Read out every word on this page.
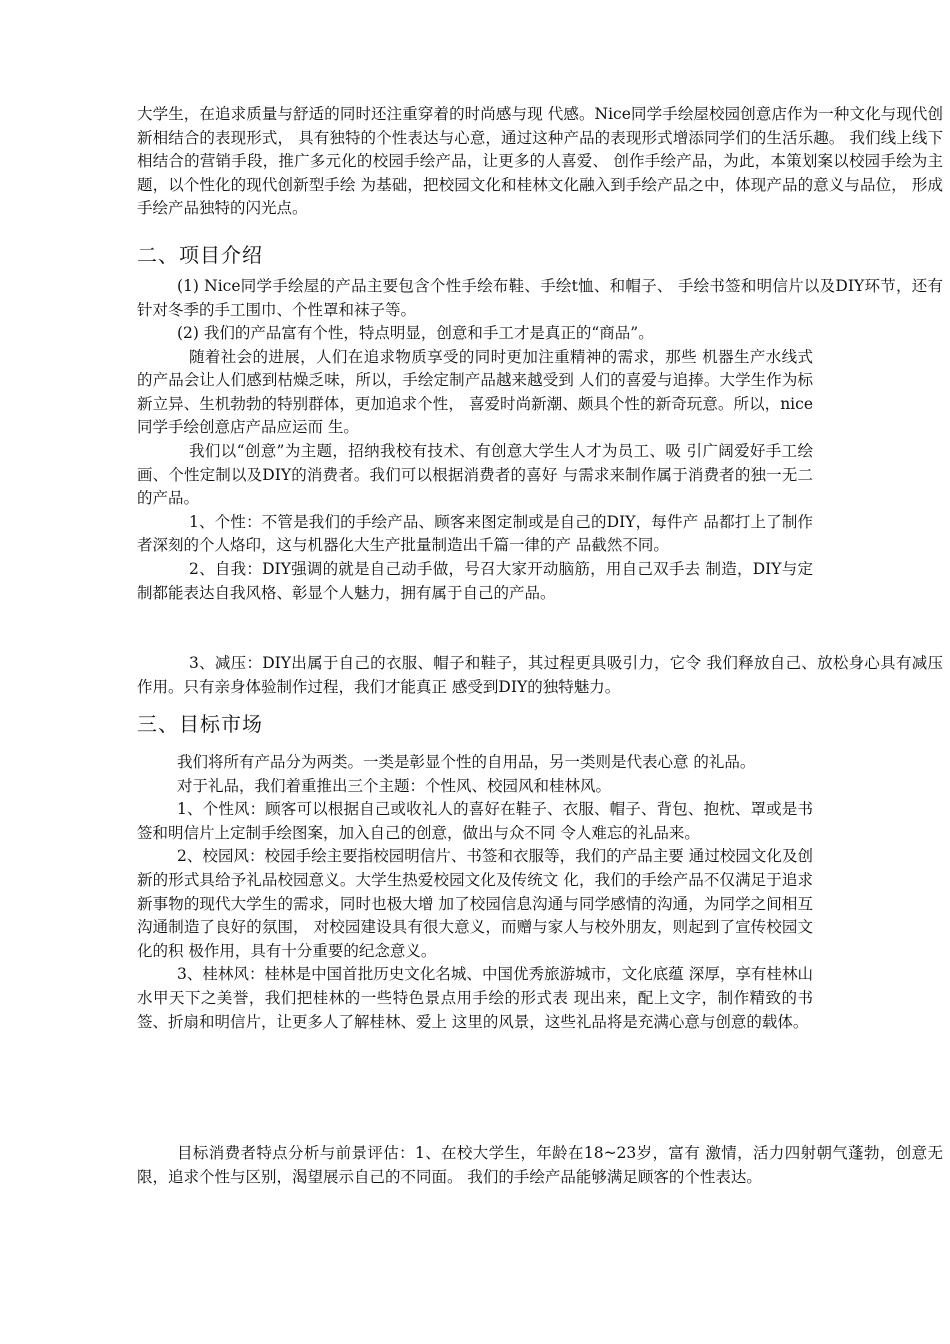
大学生，在追求质量与舒适的同时还注重穿着的时尚感与现 代感。Nice同学手绘屋校园创意店作为一种文化与现代创新相结合的表现形式， 具有独特的个性表达与心意，通过这种产品的表现形式增添同学们的生活乐趣。 我们线上线下相结合的营销手段，推广多元化的校园手绘产品，让更多的人喜爱、 创作手绘产品，为此，本策划案以校园手绘为主题，以个性化的现代创新型手绘 为基础，把校园文化和桂林文化融入到手绘产品之中，体现产品的意义与品位， 形成手绘产品独特的闪光点。

二、项目介绍

(1) Nice同学手绘屋的产品主要包含个性手绘布鞋、手绘t恤、和帽子、 手绘书签和明信片以及DIY环节，还有针对冬季的手工围巾、个性罩和袜子等。

(2) 我们的产品富有个性，特点明显，创意和手工才是真正的“商品”。

随着社会的进展，人们在追求物质享受的同时更加注重精神的需求，那些 机器生产水线式的产品会让人们感到枯燥乏味，所以，手绘定制产品越来越受到 人们的喜爱与追捧。大学生作为标新立异、生机勃勃的特别群体，更加追求个性， 喜爱时尚新潮、颇具个性的新奇玩意。所以，nice同学手绘创意店产品应运而 生。

我们以“创意”为主题，招纳我校有技术、有创意大学生人才为员工、吸 引广阔爱好手工绘画、个性定制以及DIY的消费者。我们可以根据消费者的喜好 与需求来制作属于消费者的独一无二的产品。

1、个性：不管是我们的手绘产品、顾客来图定制或是自己的DIY，每件产 品都打上了制作者深刻的个人烙印，这与机器化大生产批量制造出千篇一律的产 品截然不同。

2、自我：DIY强调的就是自己动手做，号召大家开动脑筋，用自己双手去 制造，DIY与定制都能表达自我风格、彰显个人魅力，拥有属于自己的产品。

3、减压：DIY出属于自己的衣服、帽子和鞋子，其过程更具吸引力，它令 我们释放自己、放松身心具有减压作用。只有亲身体验制作过程，我们才能真正 感受到DIY的独特魅力。

三、目标市场

我们将所有产品分为两类。一类是彰显个性的自用品，另一类则是代表心意 的礼品。

对于礼品，我们着重推出三个主题：个性风、校园风和桂林风。

1、个性风：顾客可以根据自己或收礼人的喜好在鞋子、衣服、帽子、背包、抱枕、罩或是书签和明信片上定制手绘图案，加入自己的创意，做出与众不同 令人难忘的礼品来。

2、校园风：校园手绘主要指校园明信片、书签和衣服等，我们的产品主要 通过校园文化及创新的形式具给予礼品校园意义。大学生热爱校园文化及传统文 化，我们的手绘产品不仅满足于追求新事物的现代大学生的需求，同时也极大增 加了校园信息沟通与同学感情的沟通，为同学之间相互沟通制造了良好的氛围， 对校园建设具有很大意义，而赠与家人与校外朋友，则起到了宣传校园文化的积 极作用，具有十分重要的纪念意义。

3、桂林风：桂林是中国首批历史文化名城、中国优秀旅游城市，文化底蕴 深厚，享有桂林山水甲天下之美誉，我们把桂林的一些特色景点用手绘的形式表 现出来，配上文字，制作精致的书签、折扇和明信片，让更多人了解桂林、爱上 这里的风景，这些礼品将是充满心意与创意的载体。

目标消费者特点分析与前景评估：1、在校大学生，年龄在18~23岁，富有 激情，活力四射朝气蓬勃，创意无限，追求个性与区别，渴望展示自己的不同面。 我们的手绘产品能够满足顾客的个性表达。
